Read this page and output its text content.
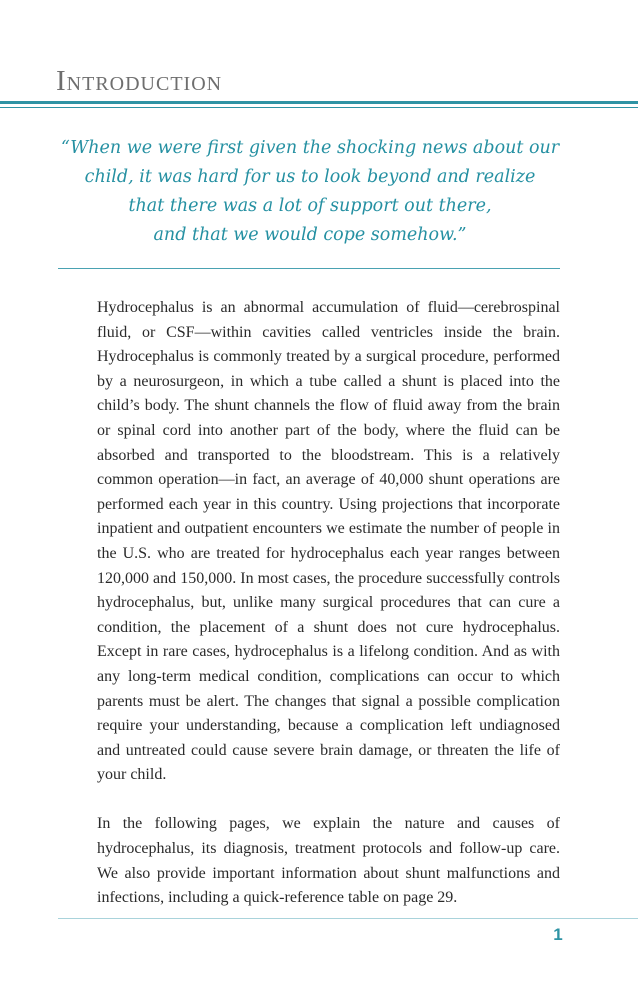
Introduction
“When we were first given the shocking news about our
child, it was hard for us to look beyond and realize
that there was a lot of support out there,
and that we would cope somehow.”

Hydrocephalus is an abnormal accumulation of fluid—cerebrospinal fluid, or CSF—within cavities called ventricles inside the brain. Hydrocephalus is commonly treated by a surgical procedure, performed by a neurosurgeon, in which a tube called a shunt is placed into the child’s body. The shunt channels the flow of fluid away from the brain or spinal cord into another part of the body, where the fluid can be absorbed and transported to the bloodstream. This is a relatively common operation—in fact, an average of 40,000 shunt operations are performed each year in this country. Using projections that incorporate inpatient and outpatient encounters we estimate the number of people in the U.S. who are treated for hydrocephalus each year ranges between 120,000 and 150,000. In most cases, the procedure successfully controls hydrocephalus, but, unlike many surgical procedures that can cure a condition, the placement of a shunt does not cure hydrocephalus. Except in rare cases, hydrocephalus is a lifelong condition. And as with any long-term medical condition, complications can occur to which parents must be alert. The changes that signal a possible complication require your understanding, because a complication left undiagnosed and untreated could cause severe brain damage, or threaten the life of your child.

In the following pages, we explain the nature and causes of hydrocephalus, its diagnosis, treatment protocols and follow-up care. We also provide important information about shunt malfunctions and infections, including a quick-reference table on page 29.

1
